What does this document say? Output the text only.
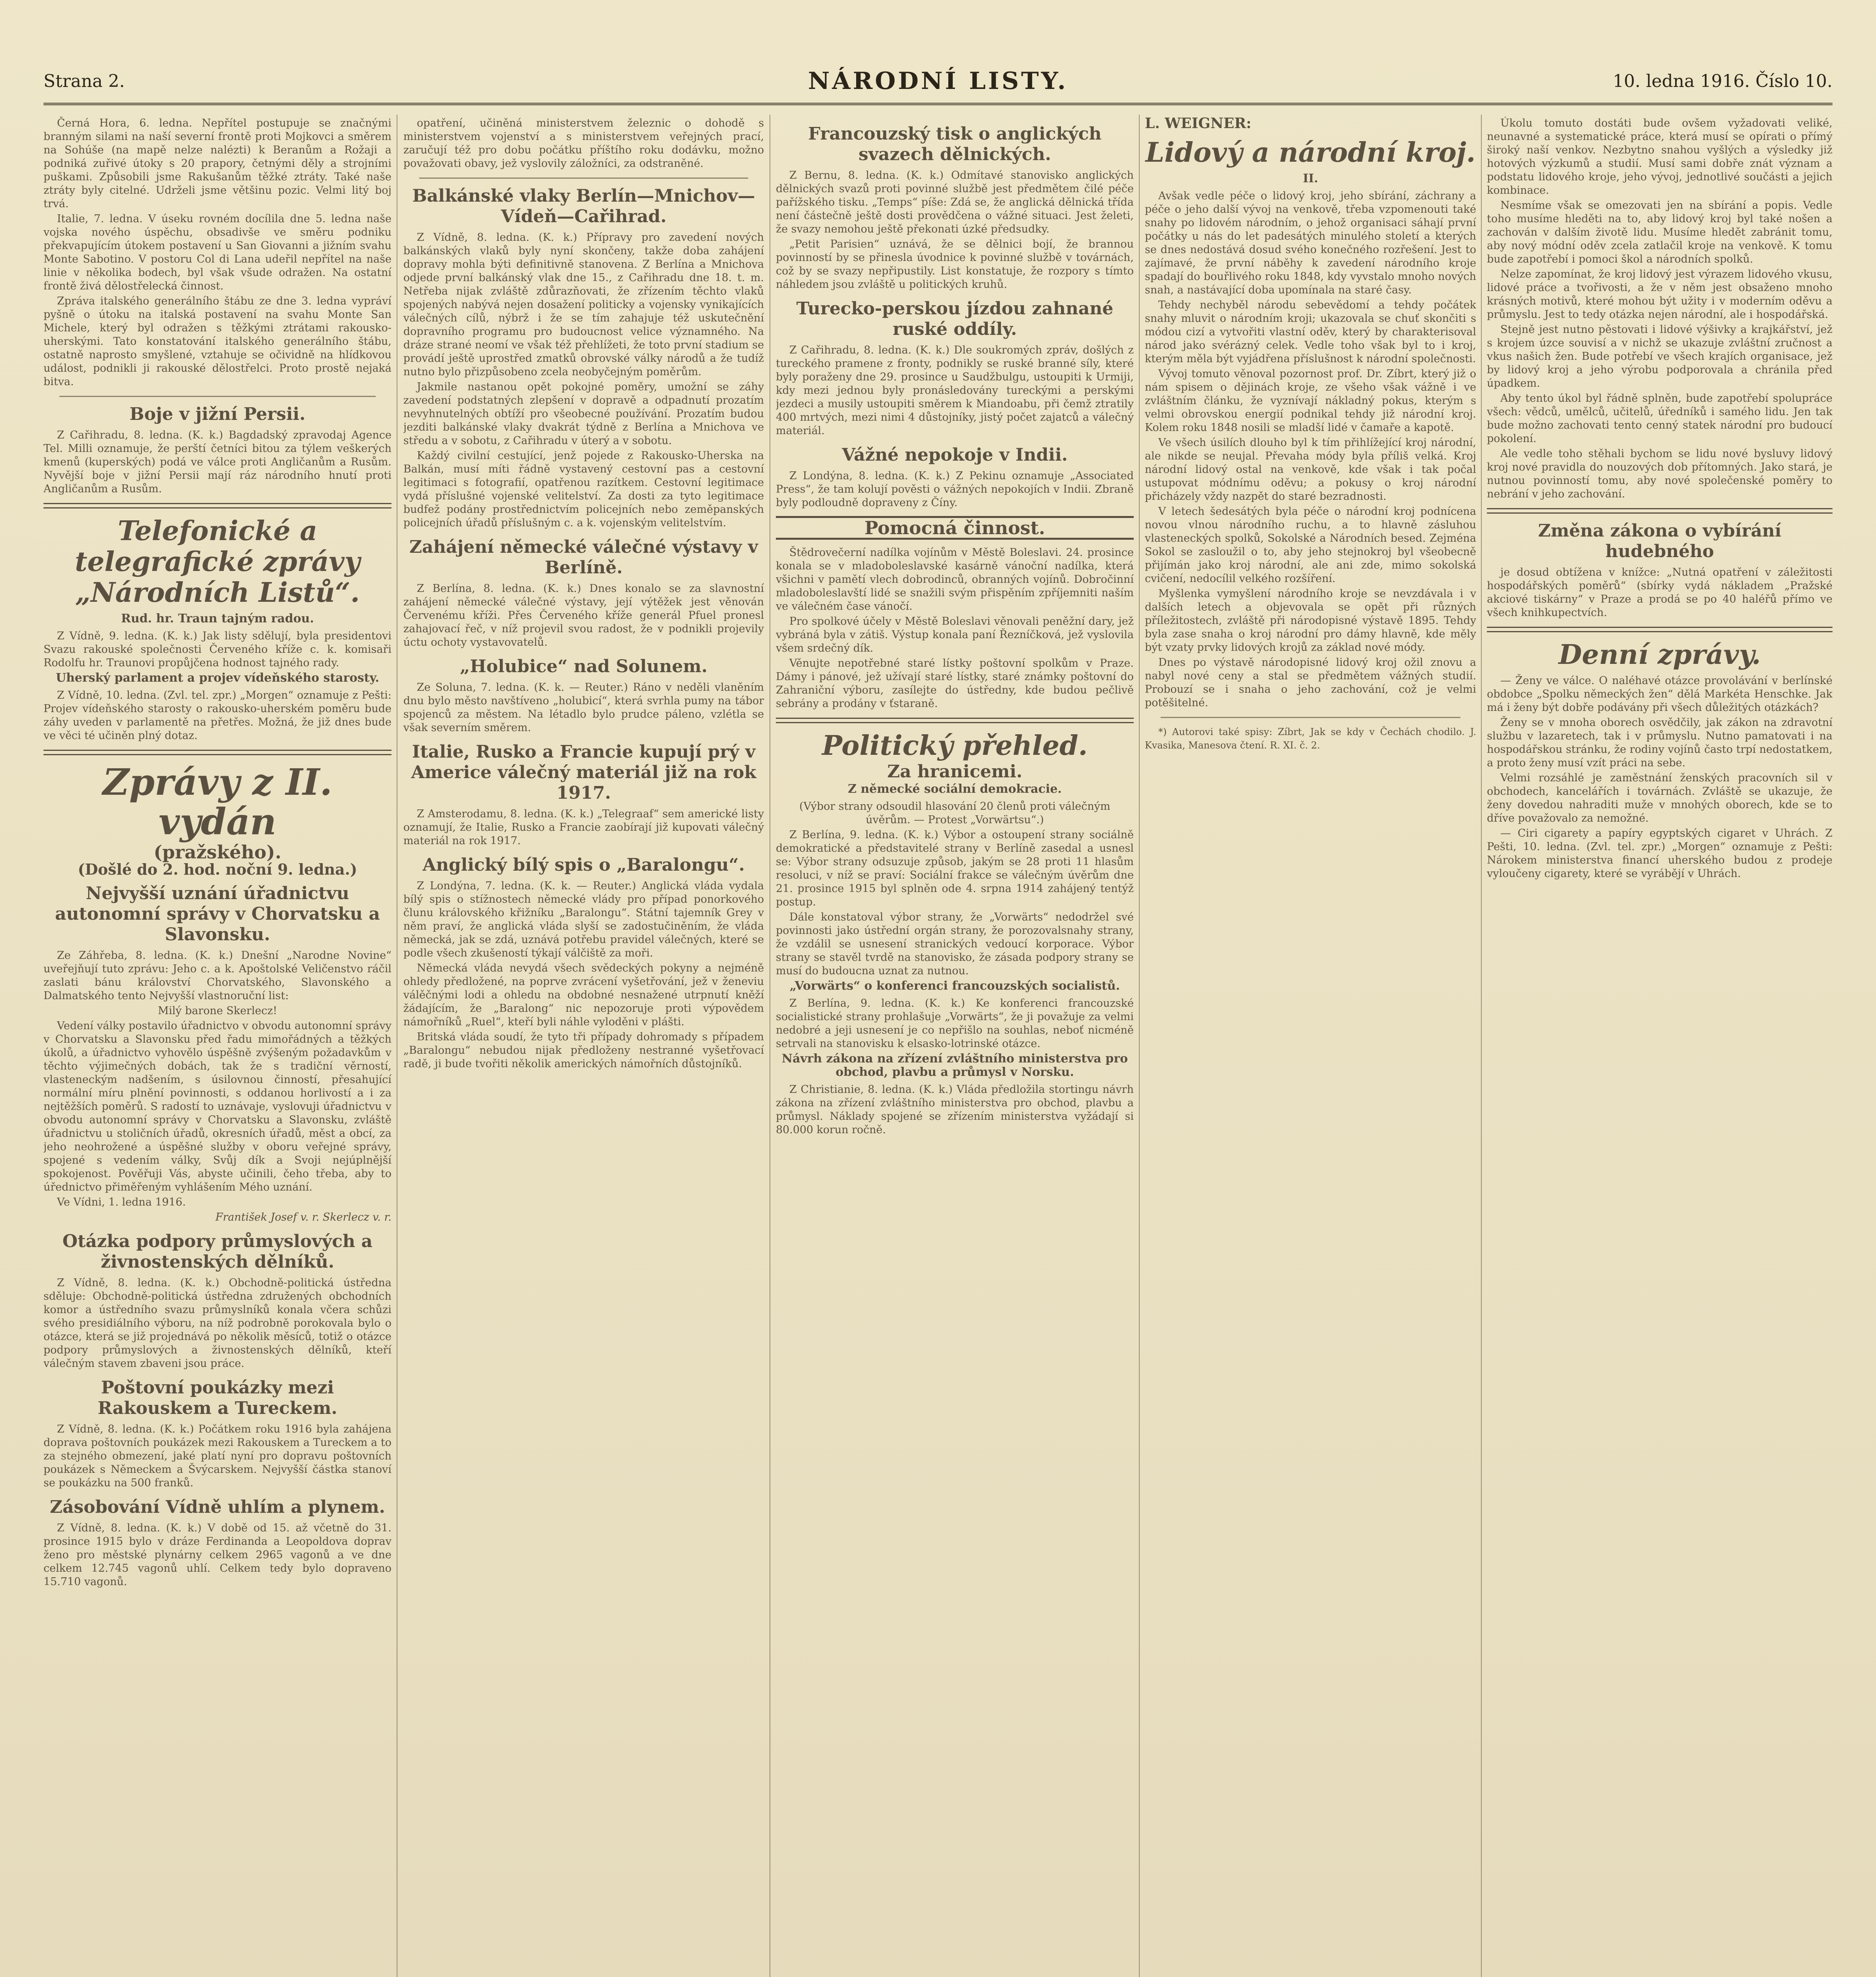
Strana 2.	NÁRODNÍ LISTY.	10. ledna 1916. Číslo 10.

Černá Hora, 6. ledna. Nepřítel postupuje se značnými branným silami na naší severní frontě proti Mojkovci a směrem na Sohúše (na mapě nelze nalézti) k Beranům a Rožaji a podniká zuřivé útoky s 20 prapory, četnými děly a strojními puškami. Způsobili jsme Rakušanům těžké ztráty. Také naše ztráty byly citelné. Udrželi jsme většinu pozic. Velmi litý boj trvá.

Italie, 7. ledna. V úseku rovném docílila dne 5. ledna naše vojska nového úspěchu, obsadivše ve směru podniku překvapujícím útokem postavení u San Giovanni a jižním svahu Monte Sabotino. V postoru Col di Lana udeřil nepřítel na naše linie v několika bodech, byl však všude odražen. Na ostatní frontě živá dělostřelecká činnost.

Zpráva italského generálního štábu ze dne 3. ledna vypráví pyšně o útoku na italská postavení na svahu Monte San Michele, který byl odražen s těžkými ztrátami rakousko-uherskými. Tato konstatování italského generálního štábu, ostatně naprosto smyšlené, vztahuje se očividně na hlídkovou událost, podnikli ji rakouské dělostřelci. Proto prostě nejaká bitva.

Boje v jižní Persii.

Z Cařihradu, 8. ledna. (K. k.) Bagdadský zpravodaj Agence Tel. Milli oznamuje, že perští četníci bitou za týlem veškerých kmenů (kuperských) podá ve válce proti Angličanům a Rusům. Nyvější boje v jižní Persii mají ráz národního hnutí proti Angličanům a Rusům.

Telefonické a telegrafické zprávy „Národních Listů“.
Rud. hr. Traun tajným radou.

Z Vídně, 9. ledna. (K. k.) Jak listy sdělují, byla presidentovi Svazu rakouské společnosti Červeného kříže c. k. komisaři Rodolfu hr. Traunovi propůjčena hodnost tajného rady.

Uherský parlament a projev vídeňského starosty.

Z Vídně, 10. ledna. (Zvl. tel. zpr.) „Morgen“ oznamuje z Pešti: Projev vídeňského starosty o rakousko-uherském poměru bude záhy uveden v parlamentě na přetřes. Možná, že již dnes bude ve věci té učiněn plný dotaz.

Zprávy z II. vydán
(pražského).
(Došlé do 2. hod. noční 9. ledna.)
Nejvyšší uznání úřadnictvu autonomní správy v Chorvatsku a Slavonsku.

Ze Záhřeba, 8. ledna. (K. k.) Dnešní „Narodne Novine“ uveřejňují tuto zprávu: Jeho c. a k. Apoštolské Veličenstvo ráčil zaslati bánu království Chorvatského, Slavonského a Dalmatského tento Nejvyšší vlastnoruční list:

Milý barone Skerlecz!

Vedení války postavilo úřadnictvo v obvodu autonomní správy v Chorvatsku a Slavonsku před řadu mimořádných a těžkých úkolů, a úřadnictvo vyhovělo úspěšně zvýšeným požadavkům v těchto výjimečných dobách, tak že s tradiční věrností, vlasteneckým nadšením, s úsilovnou činností, přesahující normální míru plnění povinnosti, s oddanou horlivostí a i za nejtěžších poměrů. S radostí to uznávaje, vyslovuji úřadnictvu v obvodu autonomní správy v Chorvatsku a Slavonsku, zvláště úřadnictvu u stoličních úřadů, okresních úřadů, měst a obcí, za jeho neohrožené a úspěšné služby v oboru veřejné správy, spojené s vedením války, Svůj dík a Svoji nejúplnější spokojenost. Pověřuji Vás, abyste učinili, čeho třeba, aby to úřednictvo přiměřeným vyhlášením Mého uznání.

Ve Vídni, 1. ledna 1916.

František Josef v. r. Skerlecz v. r.

Otázka podpory průmyslových a živnostenských dělníků.

Z Vídně, 8. ledna. (K. k.) Obchodně-politická ústředna sděluje: Obchodně-politická ústředna združených obchodních komor a ústředního svazu průmyslníků konala včera schůzi svého presidiálního výboru, na níž podrobně porokovala bylo o otázce, která se již projednává po několik měsíců, totiž o otázce podpory průmyslových a živnostenských dělníků, kteří válečným stavem zbaveni jsou práce.

Poštovní poukázky mezi Rakouskem a Tureckem.

Z Vídně, 8. ledna. (K. k.) Počátkem roku 1916 byla zahájena doprava poštovních poukázek mezi Rakouskem a Tureckem a to za stejného obmezení, jaké platí nyní pro dopravu poštovních poukázek s Německem a Švýcarskem. Nejvyšší částka stanoví se poukázku na 500 franků.

Zásobování Vídně uhlím a plynem.

Z Vídně, 8. ledna. (K. k.) V době od 15. až včetně do 31. prosince 1915 bylo v dráze Ferdinanda a Leopoldova doprav ženo pro městské plynárny celkem 2965 vagonů a ve dne celkem 12.745 vagonů uhlí. Celkem tedy bylo dopraveno 15.710 vagonů.

opatření, učiněná ministerstvem železnic o dohodě s ministerstvem vojenství a s ministerstvem veřejných prací, zaručují též pro dobu počátku příštího roku dodávku, možno považovati obavy, jež vyslovily záložníci, za odstraněné.

Balkánské vlaky Berlín—Mnichov—Vídeň—Cařihrad.

Z Vídně, 8. ledna. (K. k.) Přípravy pro zavedení nových balkánských vlaků byly nyní skončeny, takže doba zahájení dopravy mohla býti definitivně stanovena. Z Berlína a Mnichova odjede první balkánský vlak dne 15., z Cařihradu dne 18. t. m. Netřeba nijak zvláště zdůrazňovati, že zřízením těchto vlaků spojených nabývá nejen dosažení politicky a vojensky vynikajících válečných cílů, nýbrž i že se tím zahajuje též uskutečnění dopravního programu pro budoucnost velice významného. Na dráze strané neomí ve však též přehlížeti, že toto první stadium se provádí ještě uprostřed zmatků obrovské války národů a že tudíž nutno bylo přizpůsobeno zcela neobyčejným poměrům.

Jakmile nastanou opět pokojné poměry, umožní se záhy zavedení podstatných zlepšení v dopravě a odpadnutí prozatím nevyhnutelných obtíží pro všeobecné používání. Prozatím budou jezditi balkánské vlaky dvakrát týdně z Berlína a Mnichova ve středu a v sobotu, z Cařihradu v úterý a v sobotu.

Každý civilní cestující, jenž pojede z Rakousko-Uherska na Balkán, musí míti řádně vystavený cestovní pas a cestovní legitimaci s fotografií, opatřenou razítkem. Cestovní legitimace vydá příslušné vojenské velitelství. Za dosti za tyto legitimace budfež podány prostřednictvím policejních nebo zeměpanských policejních úřadů příslušným c. a k. vojenským velitelstvím.

Zahájení německé válečné výstavy v Berlíně.

Z Berlína, 8. ledna. (K. k.) Dnes konalo se za slavnostní zahájení německé válečné výstavy, její výtěžek jest věnován Červenému kříži. Přes Červeného kříže generál Pfuel pronesl zahajovací řeč, v níž projevil svou radost, že v podnikli projevily úctu ochoty vystavovatelů.

„Holubice“ nad Solunem.

Ze Soluna, 7. ledna. (K. k. — Reuter.) Ráno v neděli vlaněním dnu bylo město navštíveno „holubicí“, která svrhla pumy na tábor spojenců za městem. Na létadlo bylo prudce páleno, vzlétla se však severním směrem.

Italie, Rusko a Francie kupují prý v Americe válečný materiál již na rok 1917.

Z Amsterodamu, 8. ledna. (K. k.) „Telegraaf“ sem americké listy oznamují, že Italie, Rusko a Francie zaobírají již kupovati válečný materiál na rok 1917.

Anglický bílý spis o „Baralongu“.

Z Londýna, 7. ledna. (K. k. — Reuter.) Anglická vláda vydala bílý spis o stížnostech německé vlády pro případ ponorkového člunu královského křižníku „Baralongu“. Státní tajemník Grey v něm praví, že anglická vláda slyší se zadostučiněním, že vláda německá, jak se zdá, uznává potřebu pravidel válečných, které se podle všech zkušeností týkají válčiště za moři.

Německá vláda nevydá všech svědeckých pokyny a nejméně ohledy předložené, na poprve zvrácení vyšetřování, jež v ženeviu válěčnými lodi a ohledu na obdobné nesnažené utrpnutí kněží žádajícím, že „Baralong“ nic nepozoruje proti výpovědem námořníků „Ruel“, kteří byli náhle vyloděni v plášti.

Britská vláda soudí, že tyto tři případy dohromady s případem „Baralongu“ nebudou nijak předloženy nestranné vyšetřovací radě, ji bude tvořiti několik amerických námořních důstojníků.

Francouzský tisk o anglických svazech dělnických.

Z Bernu, 8. ledna. (K. k.) Odmítavé stanovisko anglických dělnických svazů proti povinné službě jest předmětem čilé péče pařížského tisku. „Temps“ píše: Zdá se, že anglická dělnická třída není částečně ještě dosti provědčena o vážné situaci. Jest želeti, že svazy nemohou ještě překonati úzké předsudky.

„Petit Parisien“ uznává, že se dělnici bojí, že brannou povinností by se přinesla úvodnice k povinné službě v továrnách, což by se svazy nepřipustily. List konstatuje, že rozpory s tímto náhledem jsou zvláště u politických kruhů.

Turecko-perskou jízdou zahnané ruské oddíly.

Z Cařihradu, 8. ledna. (K. k.) Dle soukromých zpráv, došlých z tureckého pramene z fronty, podnikly se ruské branné síly, které byly poraženy dne 29. prosince u Saudžbulgu, ustoupiti k Urmiji, kdy mezi jednou byly pronásledovány tureckými a perskými jezdeci a musily ustoupiti směrem k Miandoabu, při čemž ztratily 400 mrtvých, mezi nimi 4 důstojníky, jistý počet zajatců a válečný materiál.

Vážné nepokoje v Indii.

Z Londýna, 8. ledna. (K. k.) Z Pekinu oznamuje „Associated Press“, že tam kolují pověsti o vážných nepokojích v Indii. Zbraně byly podloudně dopraveny z Číny.

Pomocná činnost.

Štědrovečerní nadílka vojínům v Městě Boleslavi. 24. prosince konala se v mladoboleslavské kasárně vánoční nadílka, která všichni v pamětí vlech dobrodinců, obranných vojínů. Dobročinní mladoboleslavští lidé se snažili svým přispěním zpříjemniti naším ve válečném čase vánočí.

Pro spolkové účely v Městě Boleslavi věnovali peněžní dary, jež vybráná byla v zátiš. Výstup konala paní Řezníčková, jež vyslovila všem srdečný dík.

Věnujte nepotřebné staré lístky poštovní spolkům v Praze. Dámy i pánové, jež užívají staré lístky, staré známky poštovní do Zahraniční výboru, zasílejte do ústředny, kde budou pečlivě sebrány a prodány v ťstaraně.

Politický přehled.
Za hranicemi.
Z německé sociální demokracie.

(Výbor strany odsoudil hlasování 20 členů proti válečným úvěrům. — Protest „Vorwärtsu“.)

Z Berlína, 9. ledna. (K. k.) Výbor a ostoupení strany sociálně demokratické a představitelé strany v Berlíně zasedal a usnesl se: Výbor strany odsuzuje způsob, jakým se 28 proti 11 hlasům resoluci, v níž se praví: Sociální frakce se válečným úvěrům dne 21. prosince 1915 byl splněn ode 4. srpna 1914 zahájený tentýž postup.

Dále konstatoval výbor strany, že „Vorwärts“ nedodržel své povinnosti jako ústřední orgán strany, že porozovalsnahy strany, že vzdálil se usnesení stranických vedoucí korporace. Výbor strany se stavěl tvrdě na stanovisko, že zásada podpory strany se musí do budoucna uznat za nutnou.

„Vorwärts“ o konferenci francouzských socialistů.

Z Berlína, 9. ledna. (K. k.) Ke konferenci francouzské socialistické strany prohlašuje „Vorwärts“, že ji považuje za velmi nedobré a jeji usnesení je co nepřišlo na souhlas, neboť nicméně setrvali na stanovisku k elsasko-lotrinské otázce.

Návrh zákona na zřízení zvláštního ministerstva pro obchod, plavbu a průmysl v Norsku.

Z Christianie, 8. ledna. (K. k.) Vláda předložila stortingu návrh zákona na zřízení zvláštního ministerstva pro obchod, plavbu a průmysl. Náklady spojené se zřízením ministerstva vyžádají si 80.000 korun ročně.

L. WEIGNER:
Lidový a národní kroj.
II.

Avšak vedle péče o lidový kroj, jeho sbírání, záchrany a péče o jeho další vývoj na venkově, třeba vzpomenouti také snahy po lidovém národním, o jehož organisaci sáhají první počátky u nás do let padesátých minulého století a kterých se dnes nedostává dosud svého konečného rozřešení. Jest to zajímavé, že první náběhy k zavedení národního kroje spadají do bouřlivého roku 1848, kdy vyvstalo mnoho nových snah, a nastávající doba upomínala na staré časy.

Tehdy nechyběl národu sebevědomí a tehdy počátek snahy mluvit o národním kroji; ukazovala se chuť skončiti s módou cizí a vytvořiti vlastní oděv, který by charakterisoval národ jako svérázný celek. Vedle toho však byl to i kroj, kterým měla být vyjádřena příslušnost k národní společnosti.

Vývoj tomuto věnoval pozornost prof. Dr. Zíbrt, který již o nám spisem o dějinách kroje, ze všeho však vážně i ve zvláštním článku, že vyznívají nákladný pokus, kterým s velmi obrovskou energií podnikal tehdy již národní kroj. Kolem roku 1848 nosili se mladší lidé v čamaře a kapotě.

Ve všech úsilích dlouho byl k tím přihlížející kroj národní, ale nikde se neujal. Převaha módy byla příliš velká. Kroj národní lidový ostal na venkově, kde však i tak počal ustupovat módnímu oděvu; a pokusy o kroj národní přicházely vždy nazpět do staré bezradnosti.

V letech šedesátých byla péče o národní kroj podnícena novou vlnou národního ruchu, a to hlavně zásluhou vlasteneckých spolků, Sokolské a Národních besed. Zejména Sokol se zasloužil o to, aby jeho stejnokroj byl všeobecně přijímán jako kroj národní, ale ani zde, mimo sokolská cvičení, nedocílil velkého rozšíření.

Myšlenka vymyšlení národního kroje se nevzdávala i v dalších letech a objevovala se opět při různých příležitostech, zvláště při národopisné výstavě 1895. Tehdy byla zase snaha o kroj národní pro dámy hlavně, kde měly být vzaty prvky lidových krojů za základ nové módy.

Dnes po výstavě národopisné lidový kroj ožil znovu a nabyl nové ceny a stal se předmětem vážných studií. Probouzí se i snaha o jeho zachování, což je velmi potěšitelné.

*) Autorovi také spisy: Zíbrt, Jak se kdy v Čechách chodilo. J. Kvasika, Manesova čtení. R. XI. č. 2.

Úkolu tomuto dostáti bude ovšem vyžadovati veliké, neunavné a systematické práce, která musí se opírati o přímý široký naší venkov. Nezbytno snahou vyšlých a výsledky již hotových výzkumů a studií. Musí sami dobře znát význam a podstatu lidového kroje, jeho vývoj, jednotlivé součásti a jejich kombinace.

Nesmíme však se omezovati jen na sbírání a popis. Vedle toho musíme hleděti na to, aby lidový kroj byl také nošen a zachován v dalším životě lidu. Musíme hledět zabránit tomu, aby nový módní oděv zcela zatlačil kroje na venkově. K tomu bude zapotřebí i pomoci škol a národních spolků.

Nelze zapomínat, že kroj lidový jest výrazem lidového vkusu, lidové práce a tvořivosti, a že v něm jest obsaženo mnoho krásných motivů, které mohou být užity i v moderním oděvu a průmyslu. Jest to tedy otázka nejen národní, ale i hospodářská.

Stejně jest nutno pěstovati i lidové výšivky a krajkářství, jež s krojem úzce souvisí a v nichž se ukazuje zvláštní zručnost a vkus našich žen. Bude potřebí ve všech krajích organisace, jež by lidový kroj a jeho výrobu podporovala a chránila před úpadkem.

Aby tento úkol byl řádně splněn, bude zapotřebí spolupráce všech: vědců, umělců, učitelů, úředníků i samého lidu. Jen tak bude možno zachovati tento cenný statek národní pro budoucí pokolení.

Ale vedle toho stěhali bychom se lidu nové bysluvy lidový kroj nové pravidla do nouzových dob přítomných. Jako stará, je nutnou povinností tomu, aby nové společenské poměry to nebrání v jeho zachování.

Změna zákona o vybírání hudebného

je dosud obtížena v knížce: „Nutná opatření v záležitosti hospodářských poměrů“ (sbírky vydá nákladem „Pražské akciové tiskárny“ v Praze a prodá se po 40 haléřů přímo ve všech knihkupectvích.

Denní zprávy.

— Ženy ve válce. O naléhavé otázce provolávání v berlínské obdobce „Spolku německých žen“ dělá Markéta Henschke. Jak má i ženy být dobře podávány při všech důležitých otázkách?

Ženy se v mnoha oborech osvědčily, jak zákon na zdravotní službu v lazaretech, tak i v průmyslu. Nutno pamatovati i na hospodářskou stránku, že rodiny vojínů často trpí nedostatkem, a proto ženy musí vzít práci na sebe.

Velmi rozsáhlé je zaměstnání ženských pracovních sil v obchodech, kancelářích i továrnách. Zvláště se ukazuje, že ženy dovedou nahraditi muže v mnohých oborech, kde se to dříve považovalo za nemožné.

— Ciri cigarety a papíry egyptských cigaret v Uhrách. Z Pešti, 10. ledna. (Zvl. tel. zpr.) „Morgen“ oznamuje z Pešti: Nárokem ministerstva financí uherského budou z prodeje vyloučeny cigarety, které se vyrábějí v Uhrách.
